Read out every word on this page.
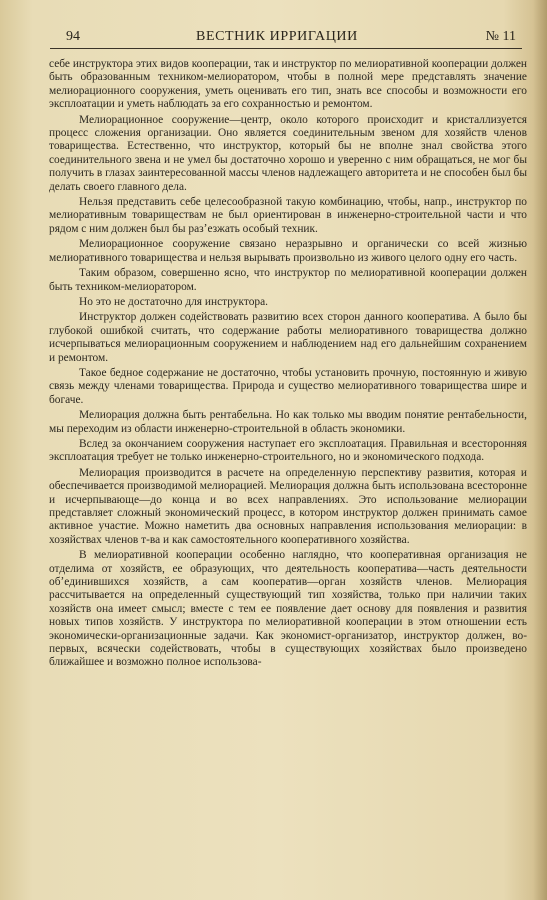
94	ВЕСТНИК ИРРИГАЦИИ	№ 11

себе инструктора этих видов кооперации, так и инструктор по мелиоративной кооперации должен быть образованным техником-мелиоратором, чтобы в полной мере представлять значение мелиорационного сооружения, уметь оценивать его тип, знать все способы и возможности его эксплоатации и уметь наблюдать за его сохранностью и ремонтом.

Мелиорационное сооружение—центр, около которого происходит и кристаллизуется процесс сложения организации. Оно является соединительным звеном для хозяйств членов товарищества. Естественно, что инструктор, который бы не вполне знал свойства этого соединительного звена и не умел бы достаточно хорошо и уверенно с ним обращаться, не мог бы получить в глазах заинтересованной массы членов надлежащего авторитета и не способен был бы делать своего главного дела.

Нельзя представить себе целесообразной такую комбинацию, чтобы, напр., инструктор по мелиоративным товариществам не был ориентирован в инженерно-строительной части и что рядом с ним должен был бы разʼезжать особый техник.

Мелиорационное сооружение связано неразрывно и органически со всей жизнью мелиоративного товарищества и нельзя вырывать произвольно из живого целого одну его часть.

Таким образом, совершенно ясно, что инструктор по мелиоративной кооперации должен быть техником-мелиоратором.

Но это не достаточно для инструктора.

Инструктор должен содействовать развитию всех сторон данного кооператива. А было бы глубокой ошибкой считать, что содержание работы мелиоративного товарищества должно исчерпываться мелиорационным сооружением и наблюдением над его дальнейшим сохранением и ремонтом.

Такое бедное содержание не достаточно, чтобы установить прочную, постоянную и живую связь между членами товарищества. Природа и существо мелиоративного товарищества шире и богаче.

Мелиорация должна быть рентабельна. Но как только мы вводим понятие рентабельности, мы переходим из области инженерно-строительной в область экономики.

Вслед за окончанием сооружения наступает его эксплоатация. Правильная и всесторонняя эксплоатация требует не только инженерно-строительного, но и экономического подхода.

Мелиорация производится в расчете на определенную перспективу развития, которая и обеспечивается производимой мелиорацией. Мелиорация должна быть использована всесторонне и исчерпывающе—до конца и во всех направлениях. Это использование мелиорации представляет сложный экономический процесс, в котором инструктор должен принимать самое активное участие. Можно наметить два основных направления использования мелиорации: в хозяйствах членов т-ва и как самостоятельного кооперативного хозяйства.

В мелиоративной кооперации особенно наглядно, что кооперативная организация не отделима от хозяйств, ее образующих, что деятельность кооператива—часть деятельности обʼединившихся хозяйств, а сам кооператив—орган хозяйств членов. Мелиорация рассчитывается на определенный существующий тип хозяйства, только при наличии таких хозяйств она имеет смысл; вместе с тем ее появление дает основу для появления и развития новых типов хозяйств. У инструктора по мелиоративной кооперации в этом отношении есть экономически-организационные задачи. Как экономист-организатор, инструктор должен, во-первых, всячески содействовать, чтобы в существующих хозяйствах было произведено ближайшее и возможно полное использова-
